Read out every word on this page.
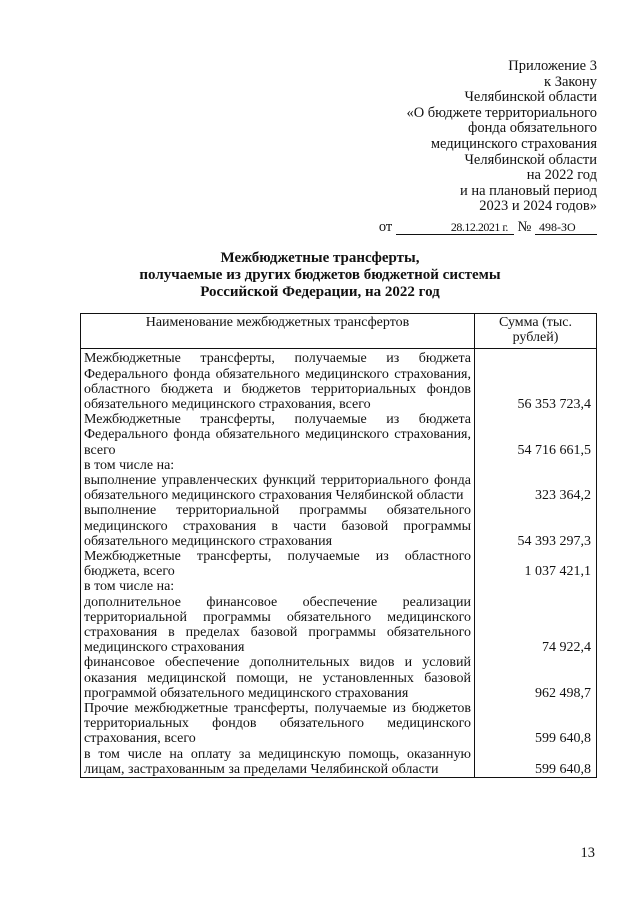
Приложение 3
к Закону
Челябинской области
«О бюджете территориального
фонда обязательного
медицинского страхования
Челябинской области
на 2022 год
и на плановый период
2023 и 2024 годов»
от	28.12.2021 г. № 498-ЗО
Межбюджетные трансферты,
получаемые из других бюджетов бюджетной системы
Российской Федерации, на 2022 год
Наименование межбюджетных трансфертов	Сумма (тыс. рублей)
Межбюджетные трансферты, получаемые из бюджета Федерального фонда обязательного медицинского страхования, областного бюджета и бюджетов территориальных фондов обязательного медицинского страхования, всего	56 353 723,4
Межбюджетные трансферты, получаемые из бюджета Федерального фонда обязательного медицинского страхования, всего	54 716 661,5
в том числе на:	
выполнение управленческих функций территориального фонда обязательного медицинского страхования Челябинской области	323 364,2
выполнение территориальной программы обязательного медицинского страхования в части базовой программы обязательного медицинского страхования	54 393 297,3
Межбюджетные трансферты, получаемые из областного бюджета, всего	1 037 421,1
в том числе на:	
дополнительное финансовое обеспечение реализации территориальной программы обязательного медицинского страхования в пределах базовой программы обязательного медицинского страхования	74 922,4
финансовое обеспечение дополнительных видов и условий оказания медицинской помощи, не установленных базовой программой обязательного медицинского страхования	962 498,7
Прочие межбюджетные трансферты, получаемые из бюджетов территориальных фондов обязательного медицинского страхования, всего	599 640,8
в том числе на оплату за медицинскую помощь, оказанную лицам, застрахованным за пределами Челябинской области	599 640,8
13
